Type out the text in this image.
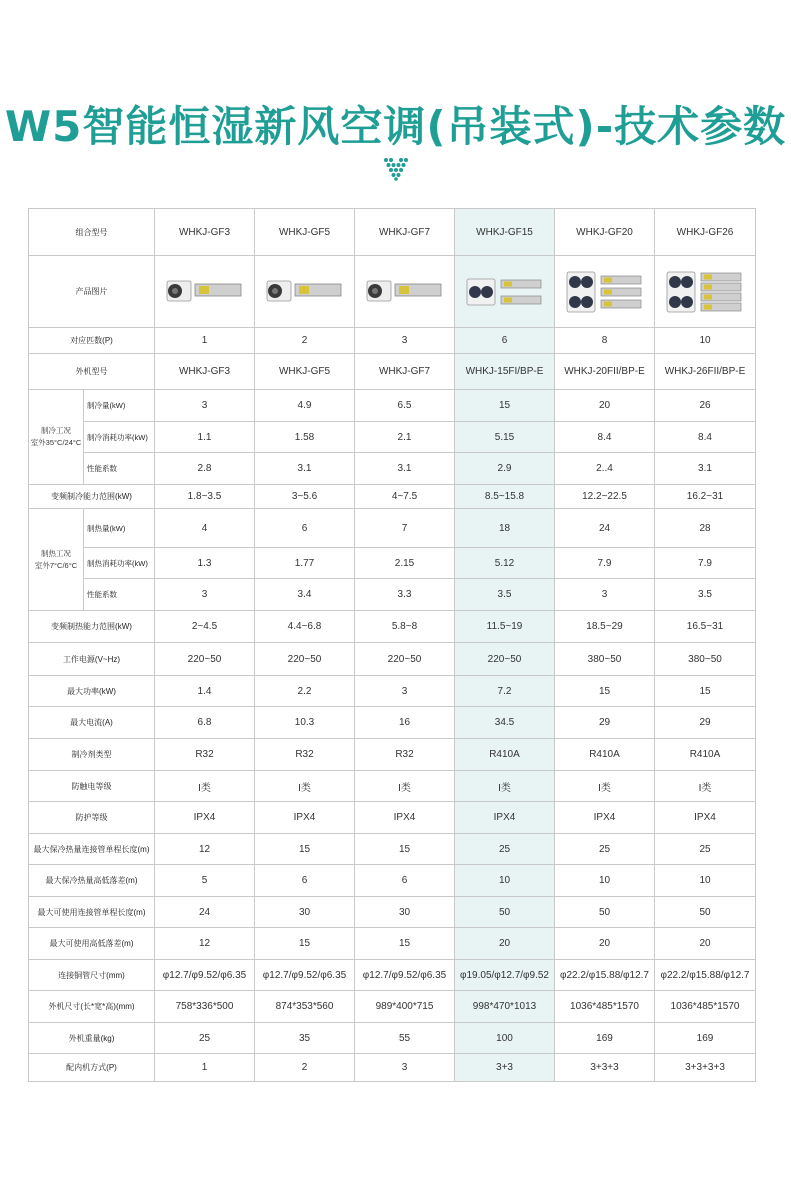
W5智能恒湿新风空调(吊装式)-技术参数
组合型号		WHKJ-GF3	WHKJ-GF5	WHKJ-GF7	WHKJ-GF15	WHKJ-GF20	WHKJ-GF26
产品图片	

对应匹数(P)		1	2	3	6	8	10
外机型号		WHKJ-GF3	WHKJ-GF5	WHKJ-GF7	WHKJ-15FI/BP-E	WHKJ-20FII/BP-E	WHKJ-26FII/BP-E

制冷工况
室外35°C/24°C	制冷量(kW)	3	4.9	6.5	15	20	26
	制冷消耗功率(kW)	1.1	1.58	2.1	5.15	8.4	8.4
	性能系数	2.8	3.1	3.1	2.9	2..4	3.1
变频制冷能力范围(kW)		1.8~3.5	3~5.6	4~7.5	8.5~15.8	12.2~22.5	16.2~31

制热工况
室外7°C/6°C	制热量(kW)	4	6	7	18	24	28
	制热消耗功率(kW)	1.3	1.77	2.15	5.12	7.9	7.9
	性能系数	3	3.4	3.3	3.5	3	3.5
变频制热能力范围(kW)		2~4.5	4.4~6.8	5.8~8	11.5~19	18.5~29	16.5~31
工作电源(V~Hz)		220~50	220~50	220~50	220~50	380~50	380~50
最大功率(kW)		1.4	2.2	3	7.2	15	15
最大电流(A)		6.8	10.3	16	34.5	29	29
制冷剂类型		R32	R32	R32	R410A	R410A	R410A
防触电等级		I类	I类	I类	I类	I类	I类
防护等级		IPX4	IPX4	IPX4	IPX4	IPX4	IPX4
最大保冷热量连接管单程长度(m)		12	15	15	25	25	25
最大保冷热量高低落差(m)		5	6	6	10	10	10
最大可使用连接管单程长度(m)		24	30	30	50	50	50
最大可使用高低落差(m)		12	15	15	20	20	20
连接铜管尺寸(mm)		φ12.7/φ9.52/φ6.35	φ12.7/φ9.52/φ6.35	φ12.7/φ9.52/φ6.35	φ19.05/φ12.7/φ9.52	φ22.2/φ15.88/φ12.7	φ22.2/φ15.88/φ12.7
外机尺寸(长*宽*高)(mm)		758*336*500	874*353*560	989*400*715	998*470*1013	1036*485*1570	1036*485*1570
外机重量(kg)		25	35	55	100	169	169
配内机方式(P)		1	2	3	3+3	3+3+3	3+3+3+3
